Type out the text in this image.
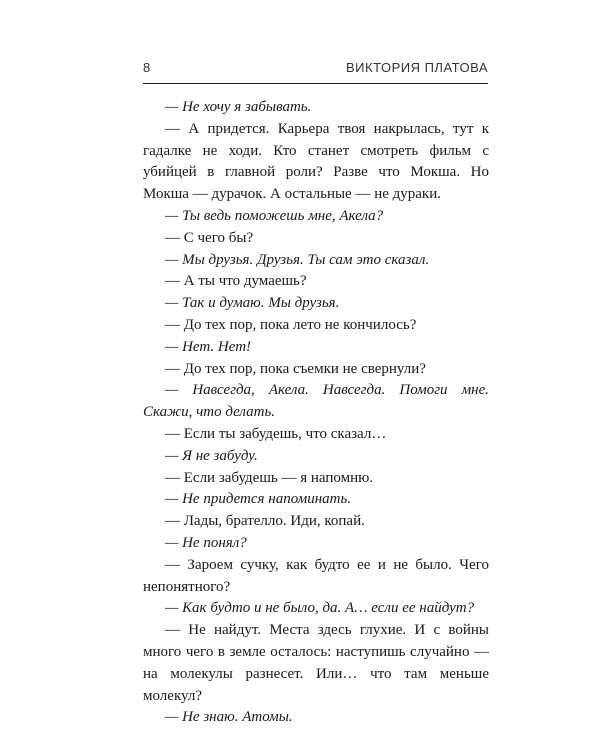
8	ВИКТОРИЯ ПЛАТОВА

— Не хочу я забывать.

— А придется. Карьера твоя накрылась, тут к гадалке не ходи. Кто станет смотреть фильм с убийцей в главной роли? Разве что Мокша. Но Мокша — дурачок. А остальные — не дураки.

— Ты ведь поможешь мне, Акела?

— С чего бы?

— Мы друзья. Друзья. Ты сам это сказал.

— А ты что думаешь?

— Так и думаю. Мы друзья.

— До тех пор, пока лето не кончилось?

— Нет. Нет!

— До тех пор, пока съемки не свернули?

— Навсегда, Акела. Навсегда. Помоги мне. Скажи, что делать.

— Если ты забудешь, что сказал…

— Я не забуду.

— Если забудешь — я напомню.

— Не придется напоминать.

— Лады, брателло. Иди, копай.

— Не понял?

— Зароем сучку, как будто ее и не было. Чего непонятного?

— Как будто и не было, да. А… если ее найдут?

— Не найдут. Места здесь глухие. И с войны много чего в земле осталось: наступишь случайно — на молекулы разнесет. Или… что там меньше молекул?

— Не знаю. Атомы.
